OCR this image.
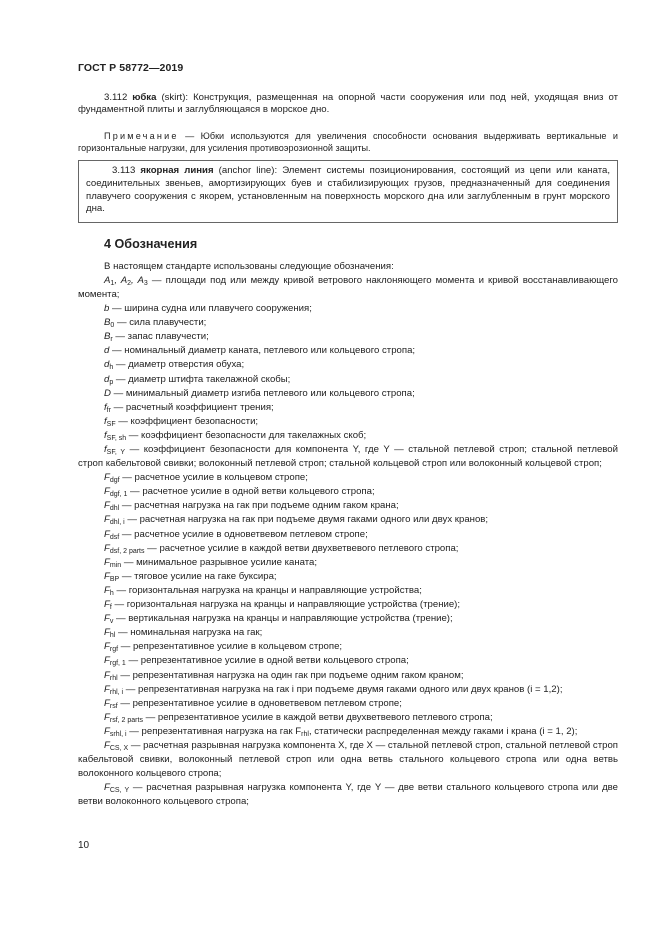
ГОСТ Р 58772—2019

3.112 юбка (skirt): Конструкция, размещенная на опорной части сооружения или под ней, уходящая вниз от фундаментной плиты и заглубляющаяся в морское дно.

Примечание — Юбки используются для увеличения способности основания выдерживать вертикальные и горизонтальные нагрузки, для усиления противоэрозионной защиты.

3.113 якорная линия (anchor line): Элемент системы позиционирования, состоящий из цепи или каната, соединительных звеньев, амортизирующих буев и стабилизирующих грузов, предназначенный для соединения плавучего сооружения с якорем, установленным на поверхность морского дна или заглубленным в грунт морского дна.

4 Обозначения

В настоящем стандарте использованы следующие обозначения:

$A_1$, $A_2$, $A_3$ — площади под или между кривой ветрового наклоняющего момента и кривой восстанавливающего момента;

b — ширина судна или плавучего сооружения;

$B_0$ — сила плавучести;

$B_r$ — запас плавучести;

d — номинальный диаметр каната, петлевого или кольцевого стропа;

$d_h$ — диаметр отверстия обуха;

$d_p$ — диаметр штифта такелажной скобы;

D — минимальный диаметр изгиба петлевого или кольцевого стропа;

$f_{fr}$ — расчетный коэффициент трения;

$f_{SF}$ — коэффициент безопасности;

$f_{SF, sh}$ — коэффициент безопасности для такелажных скоб;

$f_{SF, Y}$ — коэффициент безопасности для компонента Y, где Y — стальной петлевой строп; стальной петлевой строп кабельтовой свивки; волоконный петлевой строп; стальной кольцевой строп или волоконный кольцевой строп;

$F_{dgf}$ — расчетное усилие в кольцевом стропе;

$F_{dgf, 1}$ — расчетное усилие в одной ветви кольцевого стропа;

$F_{dhl}$ — расчетная нагрузка на гак при подъеме одним гаком крана;

$F_{dhl, i}$ — расчетная нагрузка на гак при подъеме двумя гаками одного или двух кранов;

$F_{dsf}$ — расчетное усилие в одноветвевом петлевом стропе;

$F_{dsf, 2 parts}$ — расчетное усилие в каждой ветви двухветвевого петлевого стропа;

$F_{min}$ — минимальное разрывное усилие каната;

$F_{BP}$ — тяговое усилие на гаке буксира;

$F_h$ — горизонтальная нагрузка на кранцы и направляющие устройства;

$F_f$ — горизонтальная нагрузка на кранцы и направляющие устройства (трение);

$F_v$ — вертикальная нагрузка на кранцы и направляющие устройства (трение);

$F_{hl}$ — номинальная нагрузка на гак;

$F_{rgf}$ — репрезентативное усилие в кольцевом стропе;

$F_{rgf, 1}$ — репрезентативное усилие в одной ветви кольцевого стропа;

$F_{rhl}$ — репрезентативная нагрузка на один гак при подъеме одним гаком краном;

$F_{rhl, i}$ — репрезентативная нагрузка на гак i при подъеме двумя гаками одного или двух кранов (i = 1,2);

$F_{rsf}$ — репрезентативное усилие в одноветвевом петлевом стропе;

$F_{rsf, 2 parts}$ — репрезентативное усилие в каждой ветви двухветвевого петлевого стропа;

$F_{srhl, i}$ — репрезентативная нагрузка на гак $F_{rhl}$, статически распределенная между гаками i крана (i = 1, 2);

$F_{CS, X}$ — расчетная разрывная нагрузка компонента X, где X — стальной петлевой строп, стальной петлевой строп кабельтовой свивки, волоконный петлевой строп или одна ветвь стального кольцевого стропа или одна ветвь волоконного кольцевого стропа;

$F_{CS, Y}$ — расчетная разрывная нагрузка компонента Y, где Y — две ветви стального кольцевого стропа или две ветви волоконного кольцевого стропа;

10
